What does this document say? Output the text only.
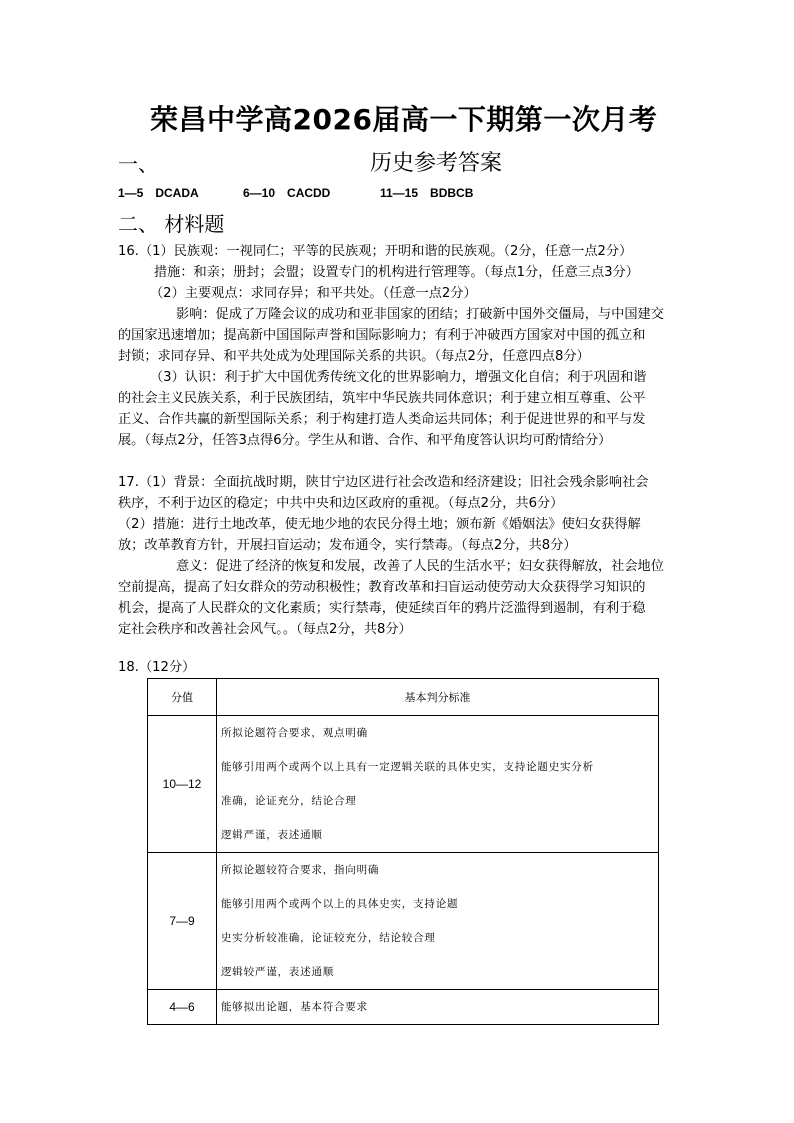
荣昌中学高2026届高一下期第一次月考
一、	历史参考答案
1—5　DCADA	6—10　CACDD	11—15　BDBCB
二、 材料题
16.（1）民族观：一视同仁；平等的民族观；开明和谐的民族观。（2分，任意一点2分）
措施：和亲；册封；会盟；设置专门的机构进行管理等。（每点1分，任意三点3分）
（2）主要观点：求同存异；和平共处。（任意一点2分）
影响：促成了万隆会议的成功和亚非国家的团结；打破新中国外交僵局，与中国建交
的国家迅速增加；提高新中国国际声誉和国际影响力；有利于冲破西方国家对中国的孤立和
封锁；求同存异、和平共处成为处理国际关系的共识。（每点2分，任意四点8分）
（3）认识：利于扩大中国优秀传统文化的世界影响力，增强文化自信；利于巩固和谐
的社会主义民族关系，利于民族团结，筑牢中华民族共同体意识；利于建立相互尊重、公平
正义、合作共赢的新型国际关系；利于构建打造人类命运共同体；利于促进世界的和平与发
展。（每点2分，任答3点得6分。学生从和谐、合作、和平角度答认识均可酌情给分）
17.（1）背景：全面抗战时期，陕甘宁边区进行社会改造和经济建设；旧社会残余影响社会
秩序，不利于边区的稳定；中共中央和边区政府的重视。（每点2分，共6分）
（2）措施：进行土地改革，使无地少地的农民分得土地；颁布新《婚姻法》使妇女获得解
放；改革教育方针，开展扫盲运动；发布通令，实行禁毒。（每点2分，共8分）
意义：促进了经济的恢复和发展，改善了人民的生活水平；妇女获得解放，社会地位
空前提高，提高了妇女群众的劳动积极性；教育改革和扫盲运动使劳动大众获得学习知识的
机会，提高了人民群众的文化素质；实行禁毒，使延续百年的鸦片泛滥得到遏制，有利于稳
定社会秩序和改善社会风气。。（每点2分，共8分）
18.（12分）
分值	基本判分标准
10—12	所拟论题符合要求，观点明确
能够引用两个或两个以上具有一定逻辑关联的具体史实，支持论题史实分析
准确，论证充分，结论合理
逻辑严谨，表述通顺

7—9	所拟论题较符合要求，指向明确
能够引用两个或两个以上的具体史实，支持论题
史实分析较准确，论证较充分，结论较合理
逻辑较严谨，表述通顺

4—6	能够拟出论题，基本符合要求
